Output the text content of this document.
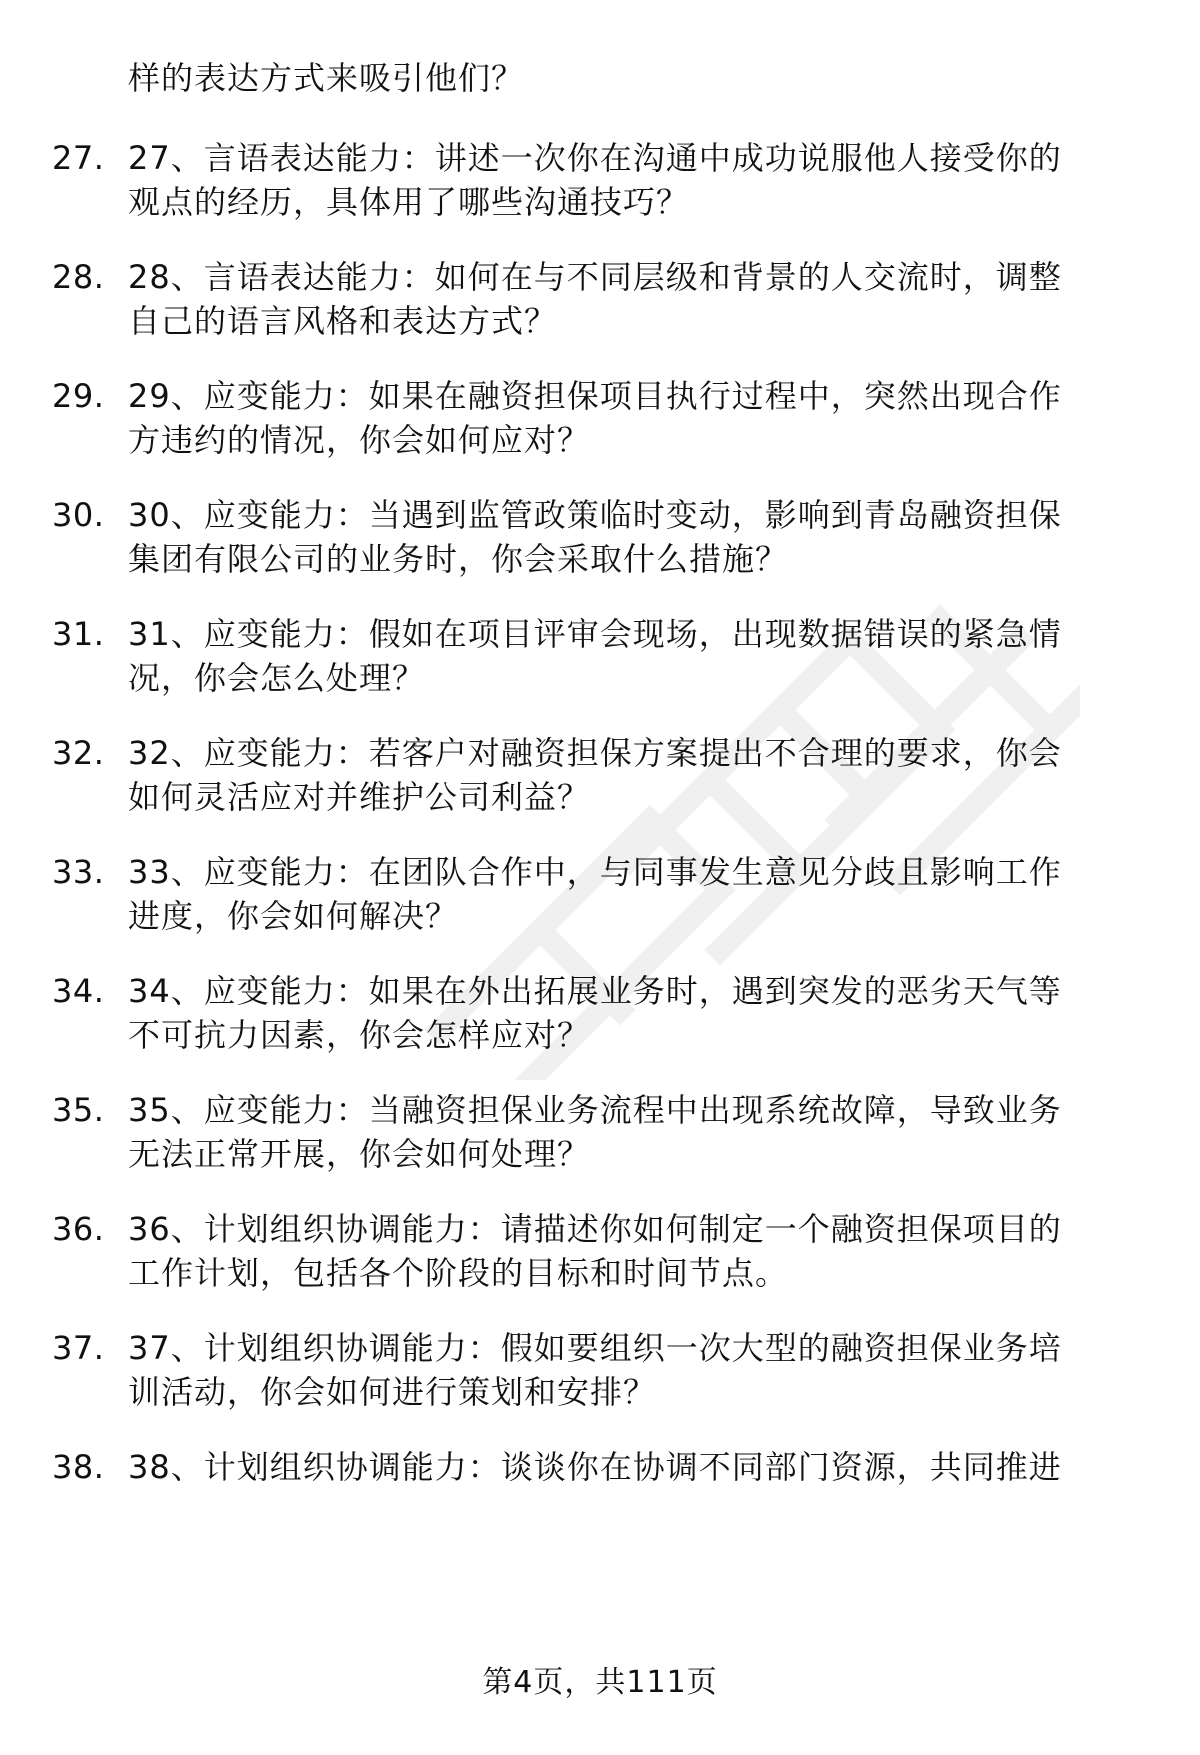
样的表达方式来吸引他们？
27. 27、言语表达能力：讲述一次你在沟通中成功说服他人接受你的
观点的经历，具体用了哪些沟通技巧？
28. 28、言语表达能力：如何在与不同层级和背景的人交流时，调整
自己的语言风格和表达方式？
29. 29、应变能力：如果在融资担保项目执行过程中，突然出现合作
方违约的情况，你会如何应对？
30. 30、应变能力：当遇到监管政策临时变动，影响到青岛融资担保
集团有限公司的业务时，你会采取什么措施？
31. 31、应变能力：假如在项目评审会现场，出现数据错误的紧急情
况，你会怎么处理？
32. 32、应变能力：若客户对融资担保方案提出不合理的要求，你会
如何灵活应对并维护公司利益？
33. 33、应变能力：在团队合作中，与同事发生意见分歧且影响工作
进度，你会如何解决？
34. 34、应变能力：如果在外出拓展业务时，遇到突发的恶劣天气等
不可抗力因素，你会怎样应对？
35. 35、应变能力：当融资担保业务流程中出现系统故障，导致业务
无法正常开展，你会如何处理？
36. 36、计划组织协调能力：请描述你如何制定一个融资担保项目的
工作计划，包括各个阶段的目标和时间节点。
37. 37、计划组织协调能力：假如要组织一次大型的融资担保业务培
训活动，你会如何进行策划和安排？
38. 38、计划组织协调能力：谈谈你在协调不同部门资源，共同推进
第4页，共111页
